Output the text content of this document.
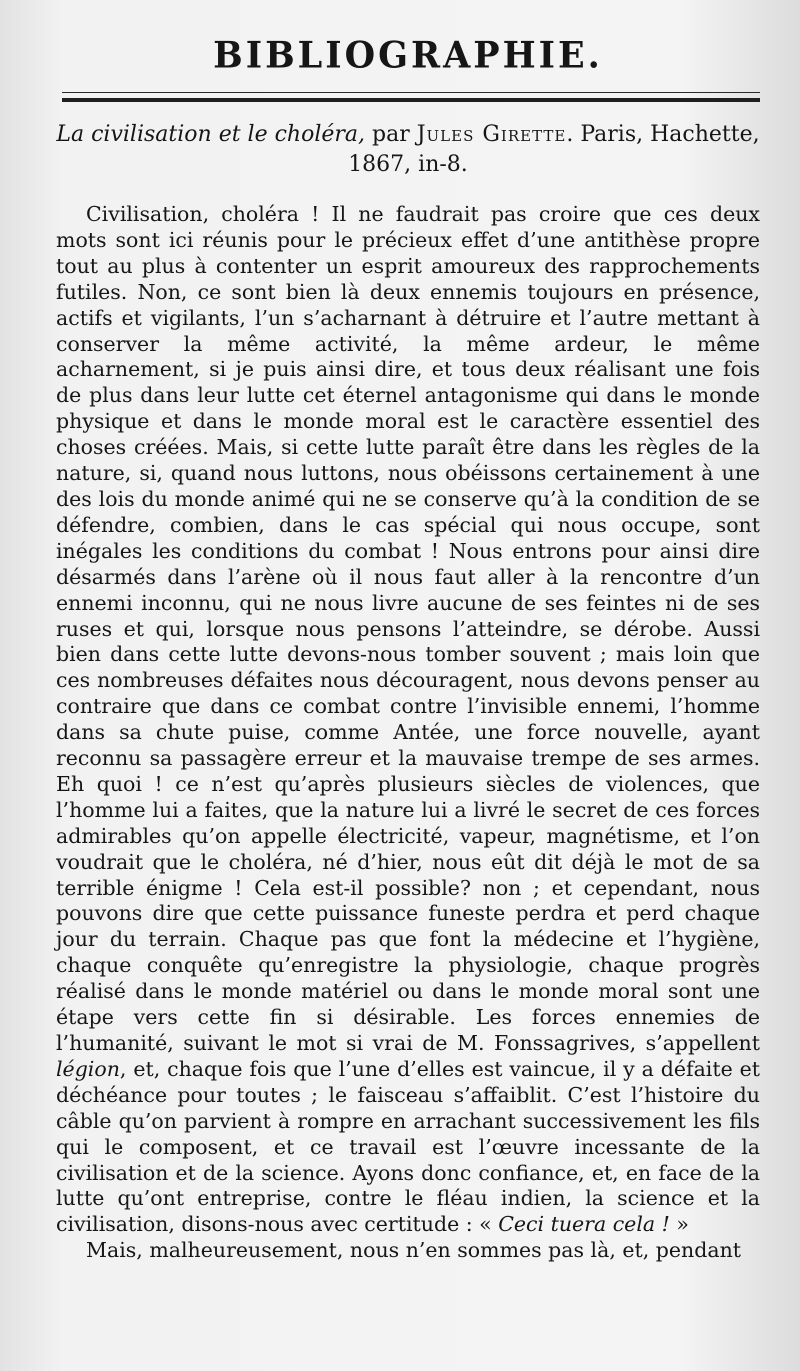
BIBLIOGRAPHIE.
La civilisation et le choléra, par Jules Girette. Paris, Hachette, 1867, in-8.

Civilisation, choléra ! Il ne faudrait pas croire que ces deux mots sont ici réunis pour le précieux effet d’une antithèse propre tout au plus à contenter un esprit amoureux des rapprochements futiles. Non, ce sont bien là deux ennemis toujours en présence, actifs et vigilants, l’un s’acharnant à détruire et l’autre mettant à conserver la même activité, la même ardeur, le même acharnement, si je puis ainsi dire, et tous deux réalisant une fois de plus dans leur lutte cet éternel antagonisme qui dans le monde physique et dans le monde moral est le caractère essentiel des choses créées. Mais, si cette lutte paraît être dans les règles de la nature, si, quand nous luttons, nous obéissons certainement à une des lois du monde animé qui ne se conserve qu’à la condition de se défendre, combien, dans le cas spécial qui nous occupe, sont inégales les conditions du combat ! Nous entrons pour ainsi dire désarmés dans l’arène où il nous faut aller à la rencontre d’un ennemi inconnu, qui ne nous livre aucune de ses feintes ni de ses ruses et qui, lorsque nous pensons l’atteindre, se dérobe. Aussi bien dans cette lutte devons-nous tomber souvent ; mais loin que ces nombreuses défaites nous découragent, nous devons penser au contraire que dans ce combat contre l’invisible ennemi, l’homme dans sa chute puise, comme Antée, une force nouvelle, ayant reconnu sa passagère erreur et la mauvaise trempe de ses armes. Eh quoi ! ce n’est qu’après plusieurs siècles de violences, que l’homme lui a faites, que la nature lui a livré le secret de ces forces admirables qu’on appelle électricité, vapeur, magnétisme, et l’on voudrait que le choléra, né d’hier, nous eût dit déjà le mot de sa terrible énigme ! Cela est-il possible? non ; et cependant, nous pouvons dire que cette puissance funeste perdra et perd chaque jour du terrain. Chaque pas que font la médecine et l’hygiène, chaque conquête qu’enregistre la physiologie, chaque progrès réalisé dans le monde matériel ou dans le monde moral sont une étape vers cette fin si désirable. Les forces ennemies de l’humanité, suivant le mot si vrai de M. Fonssagrives, s’appellent légion, et, chaque fois que l’une d’elles est vaincue, il y a défaite et déchéance pour toutes ; le faisceau s’affaiblit. C’est l’histoire du câble qu’on parvient à rompre en arrachant successivement les fils qui le composent, et ce travail est l’œuvre incessante de la civilisation et de la science. Ayons donc confiance, et, en face de la lutte qu’ont entreprise, contre le fléau indien, la science et la civilisation, disons-nous avec certitude : « Ceci tuera cela ! »

Mais, malheureusement, nous n’en sommes pas là, et, pendant
